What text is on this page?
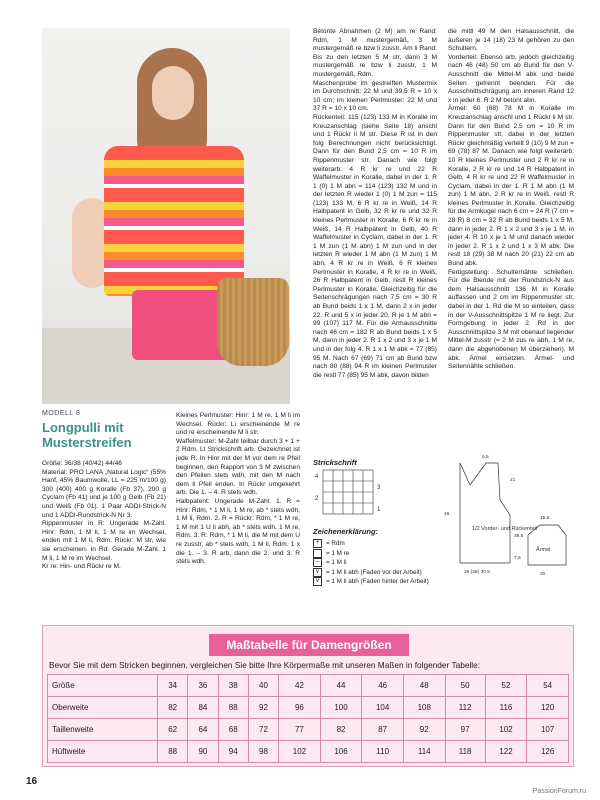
MODELL 8
Longpulli mit Musterstreifen

Größe: 36/38 (40/42) 44/46

Material: PRO LANA „Natural Logic“ (55% Hanf, 45% Baumwolle, LL = 225 m/100 g) 300 (400) 400 g Koralle (Fb 37), 200 g Cyclam (Fb 41) und je 100 g Gelb (Fb 21) und Weiß (Fb 01). 1 Paar ADDI-Strick-N und 1 ADDI-Rundstrick-N Nr 3.

Rippenmuster in R: Ungerade M-Zahl. Hinr: Rdm, 1 M li, 1 M re im Wechsel, enden mit 1 M li, Rdm. Rückr: M str, wie sie erscheinen. In Rd: Gerade M-Zahl. 1 M li, 1 M re im Wechsel.

Kr re: Hin- und Rückr re M.

Kleines Perlmuster: Hinr: 1 M re, 1 M li im Wechsel. Rückr: Li erscheinende M re und re erscheinende M li str.

Waffelmuster: M-Zahl teilbar durch 3 + 1 + 2 Rdm. Lt Strickschrift arb. Gezeichnet ist jede R. In Hinr mit der M vor dem re Pfeil beginnen, den Rapport von 3 M zwischen den Pfeilen stets wdh, mit den M nach dem li Pfeil enden. In Rückr umgekehrt arb. Die 1. – 4. R stets wdh.

Halbpatent: Ungerade M-Zahl. 1. R = Hinr: Rdm, * 1 M li, 1 M re, ab * stets wdh, 1 M li, Rdm. 2. R = Rückr: Rdm, * 1 M re, 1 M mit 1 U li abh, ab * stets wdh, 1 M re, Rdm. 3. R: Rdm, * 1 M li, die M mit dem U re zusstr, ab * stets wdh, 1 M li, Rdm. 1 x die 1. – 3. R arb, dann die 2. und 3. R stets wdh.

Betonte Abnahmen (2 M) am re Rand: Rdm, 1 M mustergemäß, 3 M mustergemäß re bzw li zusstr. Am li Rand: Bis zu den letzten 5 M str, dann 3 M mustergemäß re bzw li zusstr, 1 M mustergemäß, Rdm.

Maschenprobe im gestreiften Mustermix im Durchschnitt: 22 M und 39,5 R = 10 x 10 cm; im kleinen Perlmuster: 22 M und 37 R = 10 x 10 cm.

Rückenteil: 115 (123) 133 M in Koralle im Kreuzanschlag (siehe Seite 18) anschl und 1 Rückr li M str. Diese R ist in den folg Berechnungen nicht berücksichtigt. Dann für den Bund 2,5 cm = 10 R im Rippenmuster str. Danach wie folgt weiterarb: 4 R kr re und 22 R Waffelmuster in Koralle, dabei in der 1. R 1 (0) 1 M abn = 114 (123) 132 M und in der letzten R wieder 1 (0) 1 M zun = 115 (123) 133 M, 6 R kr re in Weiß, 14 R Halbpatent in Gelb, 32 R kr re und 32 R kleines Perlmuster in Koralle, 6 R kr re in Weiß, 14 R Halbpatent in Gelb, 40 R Waffelmuster in Cyclam, dabei in der 1. R 1 M zun (1 M abn) 1 M zun und in der letzten R wieder 1 M abn (1 M zun) 1 M abn, 4 R kr re in Weiß, 6 R kleines Perlmuster in Koralle, 4 R kr re in Weiß, 26 R Halbpatent in Gelb, restl R kleines Perlmuster in Koralle. Gleichzeitig für die Seitenschrägungen nach 7,5 cm = 30 R ab Bund beids 1 x 1 M, dann 2 x in jeder 22. R und 5 x in jeder 20. R je 1 M abn = 99 (107) 117 M. Für die Armausschnitte nach 46 cm = 182 R ab Bund beids 1 x 5 M, dann in jeder 2. R 1 x 2 und 3 x je 1 M und in der folg 4. R 1 x 1 M abk = 77 (85) 95 M. Nach 67 (69) 71 cm ab Bund bzw nach 80 (88) 94 R im kleinen Perlmuster die restl 77 (85) 95 M abk, davon bilden

die mittl 49 M den Halsausschnitt, die äußeren je 14 (18) 23 M gehören zu den Schultern.

Vorderteil: Ebenso arb, jedoch gleichzeitig nach 46 (48) 50 cm ab Bund für den V-Ausschnitt die Mittel-M abk und beide Seiten getrennt beenden. Für die Ausschnittschrägung am inneren Rand 12 x in jeder 6. R 2 M betont abn.

Ärmel: 60 (68) 78 M in Koralle im Kreuzanschlag anschl und 1 Rückr li M str. Dann für den Bund 2,5 cm = 10 R im Rippenmuster str, dabei in der letzten Rückr gleichmäßig verteilt 9 (10) 9 M zun = 69 (78) 87 M. Danach wie folgt weiterarb: 10 R kleines Perlmuster und 2 R kr re in Koralle, 2 R kr re und 14 R Halbpatent in Gelb, 4 R kr re und 22 R Waffelmuster in Cyclam, dabei in der 1. R 1 M abn (1 M zun) 1 M abn, 2 R kr re in Weiß, restl R kleines Perlmuster in Koralle. Gleichzeitig für die Armkugel nach 6 cm = 24 R (7 cm = 28 R) 8 cm = 32 R ab Bund beids 1 x 5 M, dann in jeder 2. R 1 x 2 und 3 x je 1 M, in jeder 4. R 10 x je 1 M und danach wieder in jeder 2. R 1 x 2 und 1 x 3 M abk. Die restl 18 (29) 38 M nach 20 (21) 22 cm ab Bund abk.

Fertigstellung: Schulternähte schließen. Für die Blende mit der Rundstrick-N aus dem Halsausschnitt 136 M in Koralle auffassen und 2 cm im Rippenmuster str, dabei in der 1. Rd die M so einteilen, dass in der V-Ausschnittspitze 1 M re liegt. Zur Formgebung in jeder 2. Rd in der Ausschnittspitze 3 M mit obenauf liegender Mittel-M zusstr (= 2 M zus re abh, 1 M re, dann die abgehobenen M überziehen). M abk. Ärmel einsetzen. Ärmel- und Seitennähte schließen.

Strickschrift
4
2
3
1
Zeichenerklärung:
+	= Rdm
= 1 M re
–	= 1 M li
∨ = 1 M li abh (Faden vor der Arbeit)
∨ = 1 M li abh (Faden hinter der Arbeit)
1/2 Vorder- und Rückenteil
Ärmel
6,5
21
46
38,5
7,5
26 (28) 30,5
15,5
20
Maßtabelle für Damengrößen
Bevor Sie mit dem Stricken beginnen, vergleichen Sie bitte Ihre Körpermaße mit unseren Maßen in folgender Tabelle:
Größe	34	36	38	40	42	44	46	48	50	52	54
Oberweite	82	84	88	92	96	100	104	108	112	116	120
Taillenweite	62	64	68	72	77	82	87	92	97	102	107
Hüftweite	88	90	94	98	102	106	110	114	118	122	126
16
PassionForum.ru
